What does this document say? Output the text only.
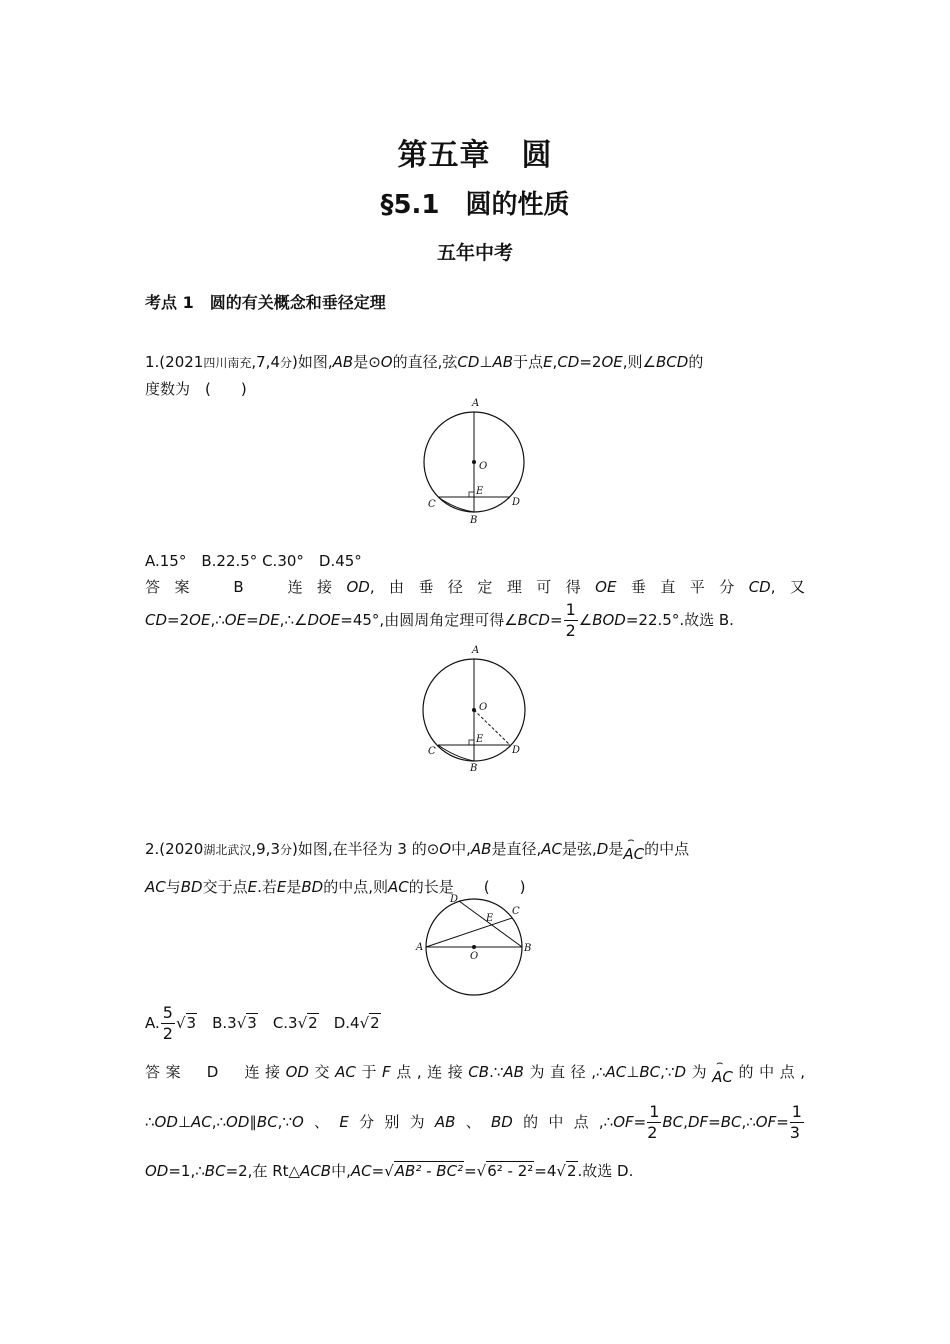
第五章　圆
§5.1　圆的性质
五年中考
考点 1　圆的有关概念和垂径定理
1.(2021四川南充,7,4分)如图,AB是⊙O的直径,弦CD⊥AB于点E,CD=2OE,则∠BCD的
度数为　(　　)
A
O
E
C	D
B
A.15°　B.22.5° C.30°　D.45°
答案　 B　	连接OD,由垂径定理可得OE垂直平分CD,又
CD=2OE,∴OE=DE,∴∠DOE=45°,由圆周角定理可得∠BCD= $\frac{1}{2}$ ∠BOD=22.5°.故选 B.
A
O
E
C	D
B
2.(2020湖北武汉,9,3分)如图,在半径为 3 的⊙O中,AB是直径,AC是弦,D是⌢ AC的中点
AC与BD交于点E.若E是BD的中点,则AC的长是　　(　　)
A
O
E
C
D
B
A. $\frac{5}{2} √3$　 B.3√3　 C.3√2　 D.4√2
答案　 D　 连接OD交AC于F点,连接CB.∵AB为直径,∴AC⊥BC,∵D为⌢ AC的中点,
∴OD⊥AC,∴OD∥BC,∵O、E分别为AB、BD的中点,∴OF= $\frac{1}{2}$ BC,DF=BC,∴OF= $\frac{1}{3}$
OD=1,∴BC=2,在 Rt△ACB中,AC=√AB² - BC²=√6² - 2²=4√2.故选 D.
